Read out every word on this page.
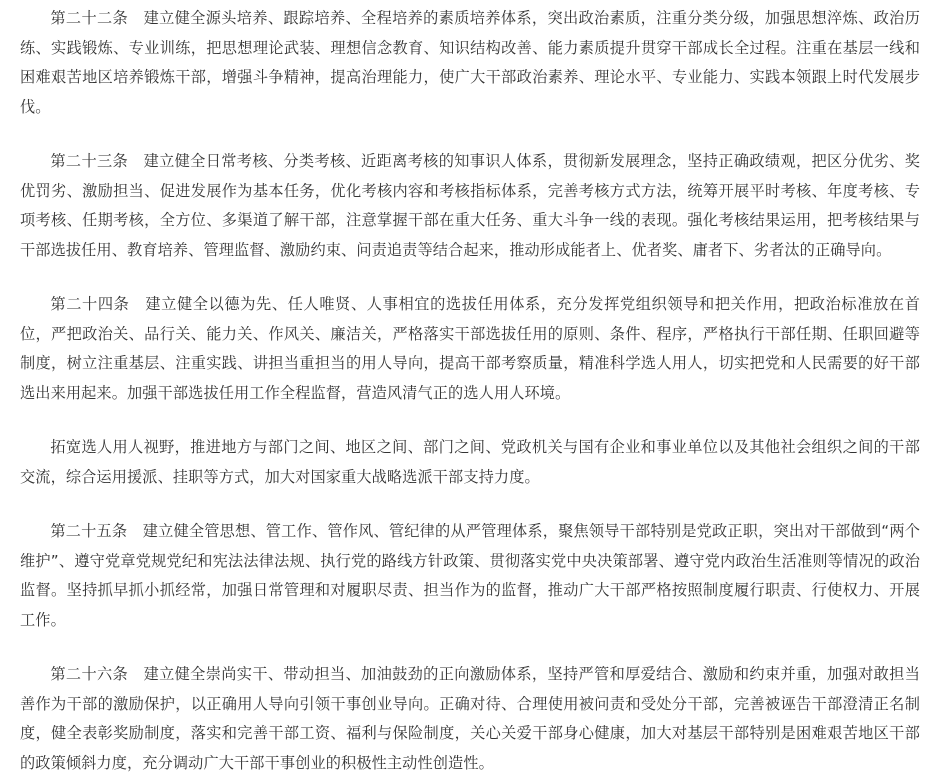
第二十二条　建立健全源头培养、跟踪培养、全程培养的素质培养体系，突出政治素质，注重分类分级，加强思想淬炼、政治历练、实践锻炼、专业训练，把思想理论武装、理想信念教育、知识结构改善、能力素质提升贯穿干部成长全过程。注重在基层一线和困难艰苦地区培养锻炼干部，增强斗争精神，提高治理能力，使广大干部政治素养、理论水平、专业能力、实践本领跟上时代发展步伐。

第二十三条　建立健全日常考核、分类考核、近距离考核的知事识人体系，贯彻新发展理念，坚持正确政绩观，把区分优劣、奖优罚劣、激励担当、促进发展作为基本任务，优化考核内容和考核指标体系，完善考核方式方法，统筹开展平时考核、年度考核、专项考核、任期考核，全方位、多渠道了解干部，注意掌握干部在重大任务、重大斗争一线的表现。强化考核结果运用，把考核结果与干部选拔任用、教育培养、管理监督、激励约束、问责追责等结合起来，推动形成能者上、优者奖、庸者下、劣者汰的正确导向。

第二十四条　建立健全以德为先、任人唯贤、人事相宜的选拔任用体系，充分发挥党组织领导和把关作用，把政治标准放在首位，严把政治关、品行关、能力关、作风关、廉洁关，严格落实干部选拔任用的原则、条件、程序，严格执行干部任期、任职回避等制度，树立注重基层、注重实践、讲担当重担当的用人导向，提高干部考察质量，精准科学选人用人，切实把党和人民需要的好干部选出来用起来。加强干部选拔任用工作全程监督，营造风清气正的选人用人环境。

拓宽选人用人视野，推进地方与部门之间、地区之间、部门之间、党政机关与国有企业和事业单位以及其他社会组织之间的干部交流，综合运用援派、挂职等方式，加大对国家重大战略选派干部支持力度。

第二十五条　建立健全管思想、管工作、管作风、管纪律的从严管理体系，聚焦领导干部特别是党政正职，突出对干部做到“两个维护”、遵守党章党规党纪和宪法法律法规、执行党的路线方针政策、贯彻落实党中央决策部署、遵守党内政治生活准则等情况的政治监督。坚持抓早抓小抓经常，加强日常管理和对履职尽责、担当作为的监督，推动广大干部严格按照制度履行职责、行使权力、开展工作。

第二十六条　建立健全崇尚实干、带动担当、加油鼓劲的正向激励体系，坚持严管和厚爱结合、激励和约束并重，加强对敢担当善作为干部的激励保护，以正确用人导向引领干事创业导向。正确对待、合理使用被问责和受处分干部，完善被诬告干部澄清正名制度，健全表彰奖励制度，落实和完善干部工资、福利与保险制度，关心关爱干部身心健康，加大对基层干部特别是困难艰苦地区干部的政策倾斜力度，充分调动广大干部干事创业的积极性主动性创造性。
